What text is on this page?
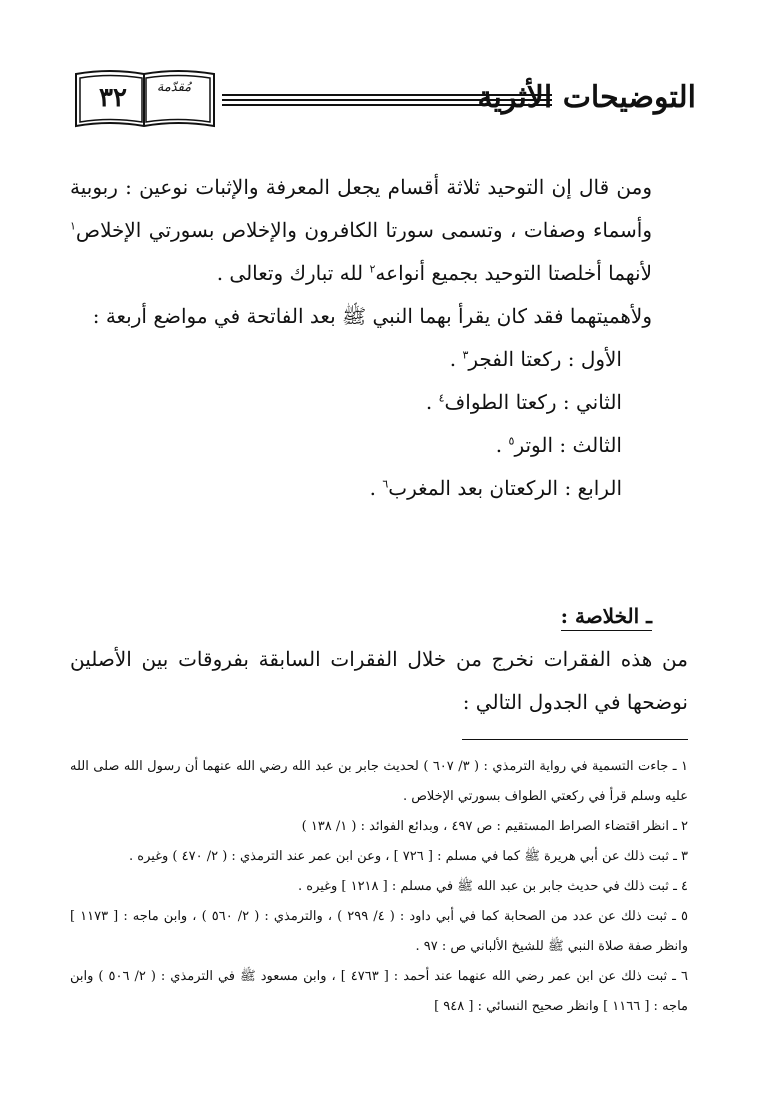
٣٢	مُقدّمة	التوضيحات الأثرية

ومن قال إن التوحيد ثلاثة أقسام يجعل المعرفة والإثبات نوعين : ربوبية وأسماء وصفات ، وتسمى سورتا الكافرون والإخلاص بسورتي الإخلاص$^١$ لأنهما أخلصتا التوحيد بجميع أنواعه$^٢$ لله تبارك وتعالى .

ولأهميتهما فقد كان يقرأ بهما النبي ﷺ بعد الفاتحة في مواضع أربعة :

الأول : ركعتا الفجر$^٣$ .

الثاني : ركعتا الطواف$^٤$ .

الثالث : الوتر$^٥$ .

الرابع : الركعتان بعد المغرب$^٦$ .

ـ الخلاصة :

من هذه الفقرات نخرج من خلال الفقرات السابقة بفروقات بين الأصلين نوضحها في الجدول التالي :

١ ـ جاءت التسمية في رواية الترمذي : ( ٣/ ٦٠٧ ) لحديث جابر بن عبد الله رضي الله عنهما أن رسول الله صلى الله عليه وسلم قرأ في ركعتي الطواف بسورتي الإخلاص .

٢ ـ انظر اقتضاء الصراط المستقيم : ص ٤٩٧ ، وبدائع الفوائد : ( ١/ ١٣٨ )

٣ ـ ثبت ذلك عن أبي هريرة ﷺ كما في مسلم : [ ٧٢٦ ] ، وعن ابن عمر عند الترمذي : ( ٢/ ٤٧٠ ) وغيره .

٤ ـ ثبت ذلك في حديث جابر بن عبد الله ﷺ في مسلم : [ ١٢١٨ ] وغيره .

٥ ـ ثبت ذلك عن عدد من الصحابة كما في أبي داود : ( ٤/ ٢٩٩ ) ، والترمذي : ( ٢/ ٥٦٠ ) ، وابن ماجه : [ ١١٧٣ ] وانظر صفة صلاة النبي ﷺ للشيخ الألباني ص : ٩٧ .

٦ ـ ثبت ذلك عن ابن عمر رضي الله عنهما عند أحمد : [ ٤٧٦٣ ] ، وابن مسعود ﷺ في الترمذي : ( ٢/ ٥٠٦ ) وابن ماجه : [ ١١٦٦ ] وانظر صحيح النسائي : [ ٩٤٨ ]
